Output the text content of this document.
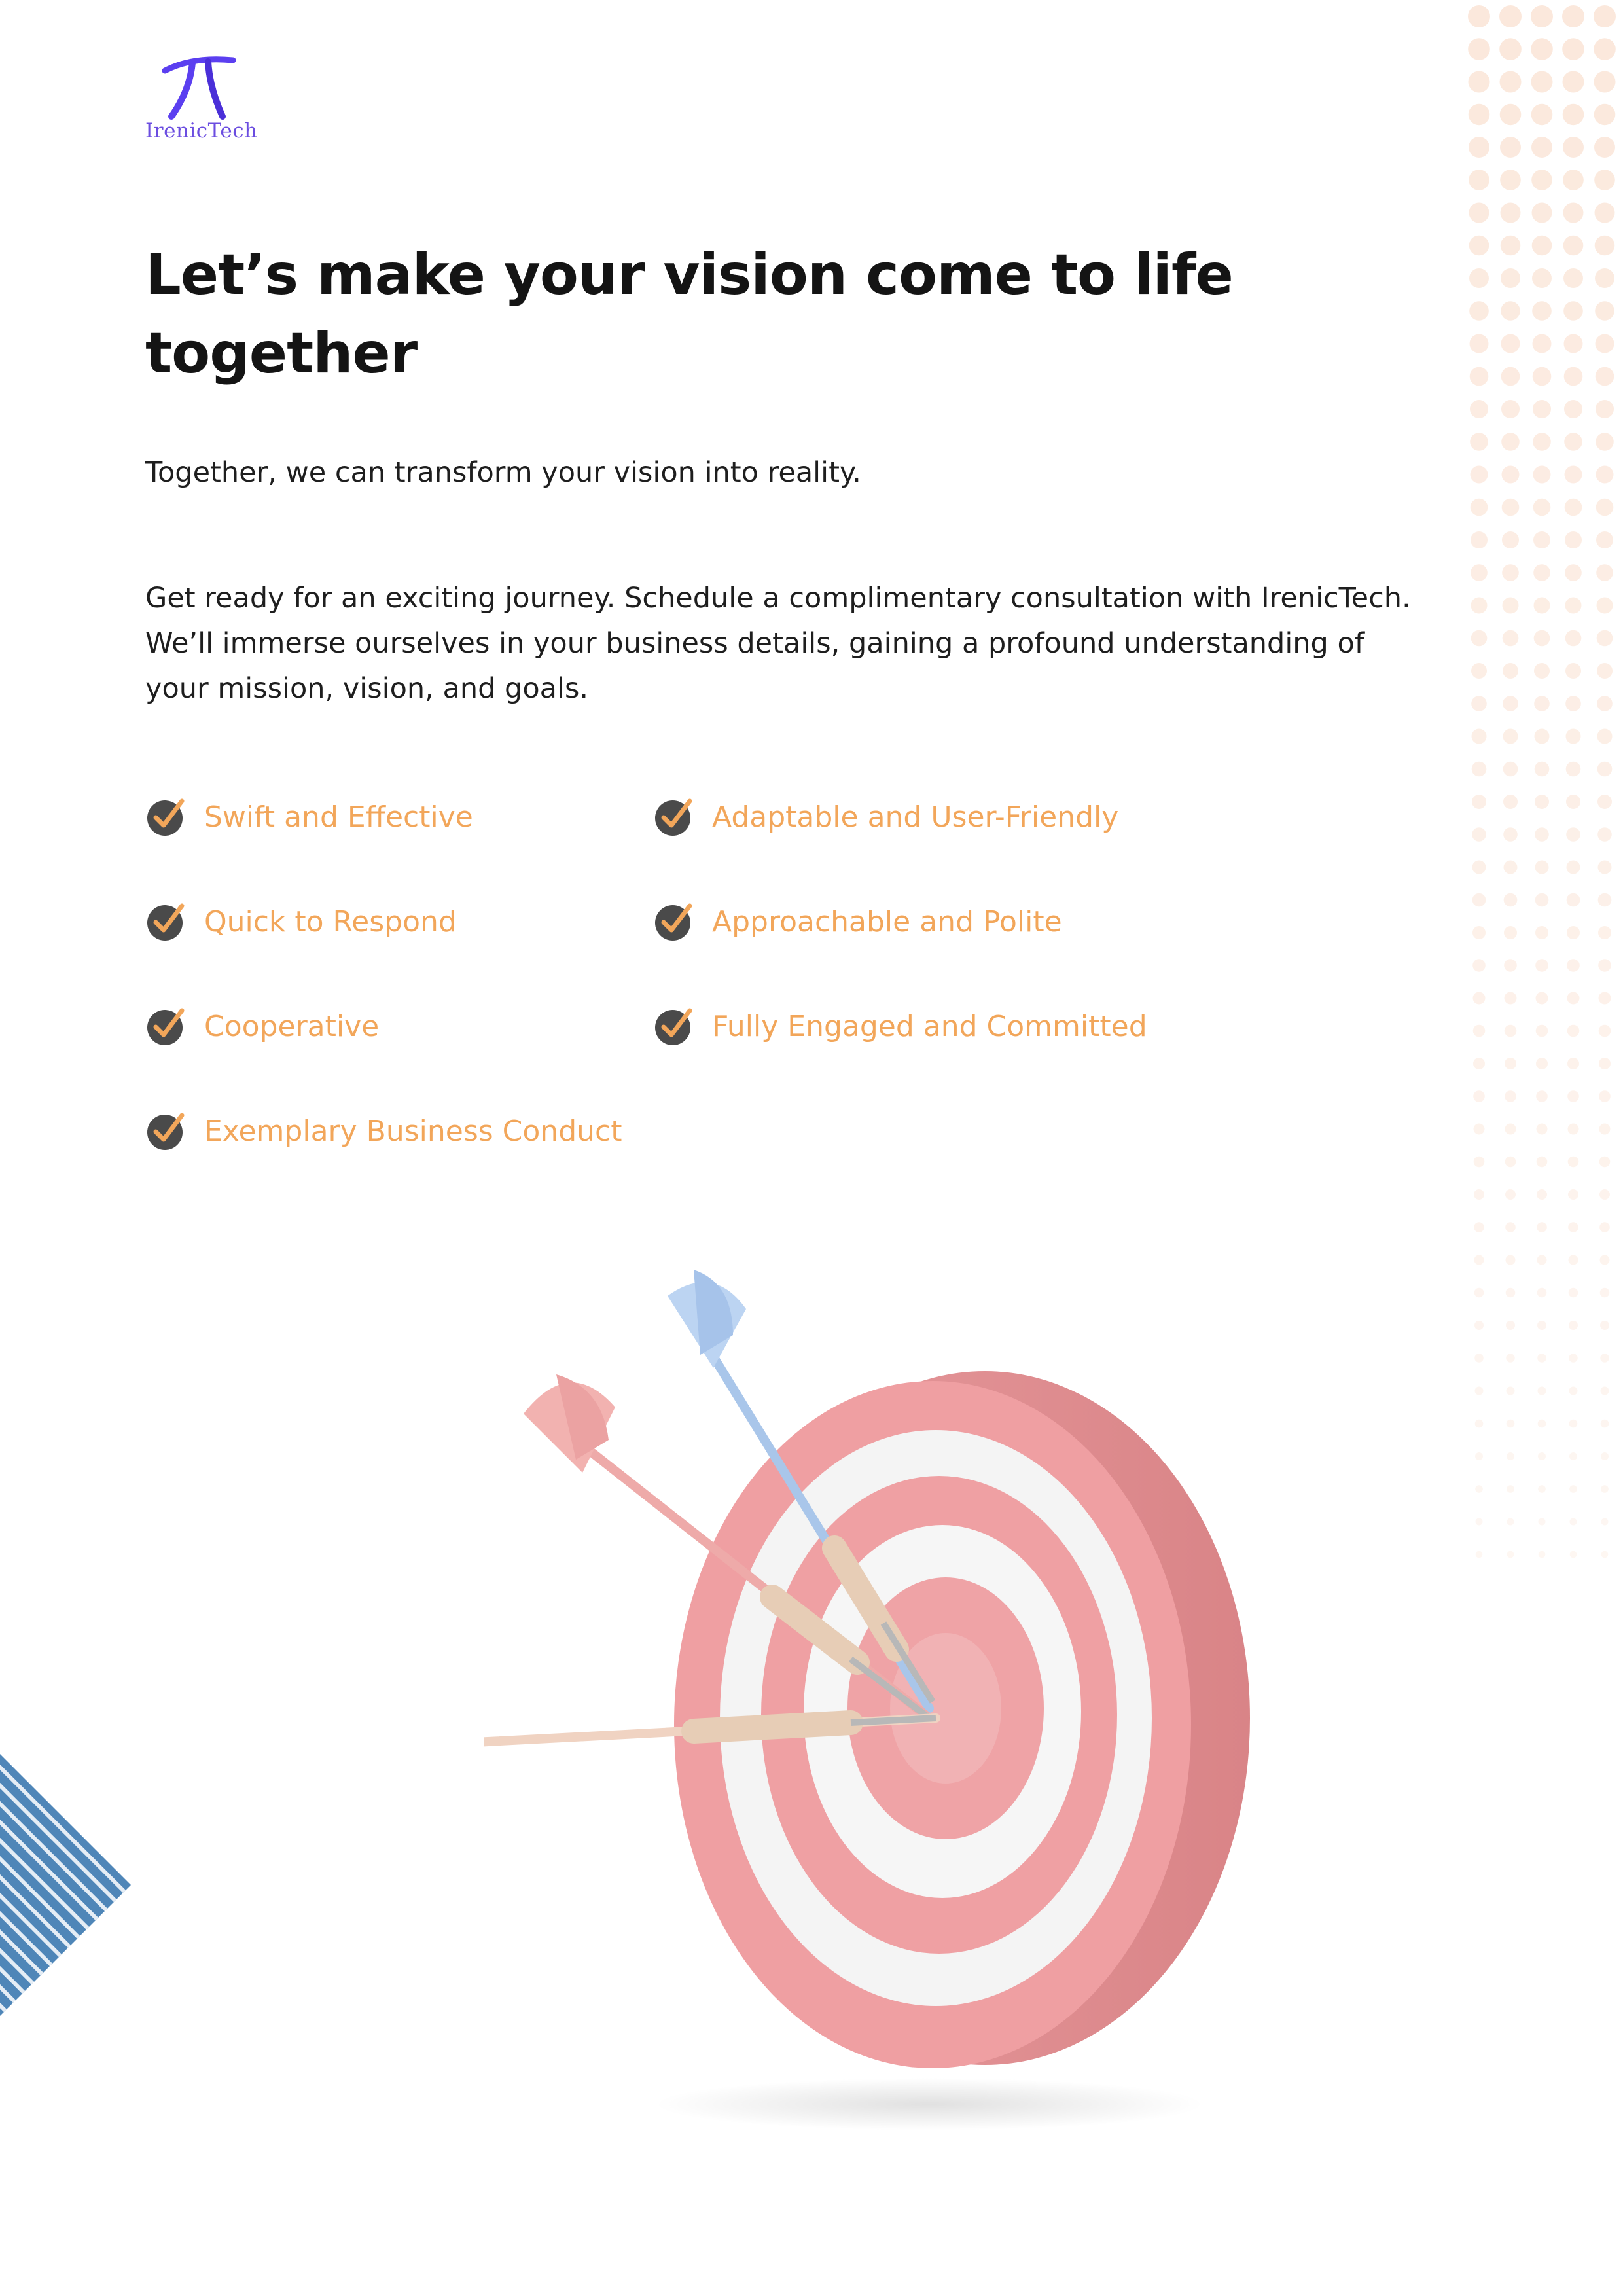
IrenicTech
Let’s make your vision come to life together

Together, we can transform your vision into reality.

Get ready for an exciting journey. Schedule a complimentary consultation with IrenicTech. We’ll immerse ourselves in your business details, gaining a profound understanding of your mission, vision, and goals.

Swift and Effective	Adaptable and User-Friendly
Quick to Respond	Approachable and Polite
Cooperative	Fully Engaged and Committed
Exemplary Business Conduct
